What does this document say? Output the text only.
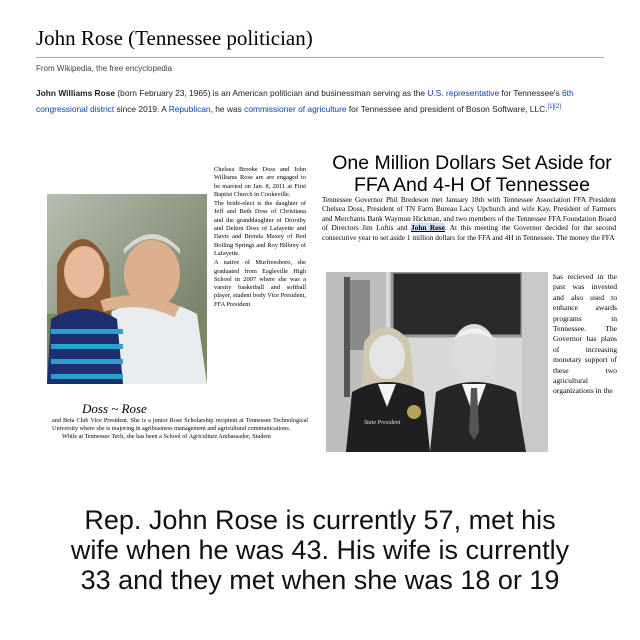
John Rose (Tennessee politician)
From Wikipedia, the free encyclopedia
John Williams Rose (born February 23, 1965) is an American politician and businessman serving as the U.S. representative for Tennessee's 6th congressional district since 2019. A Republican, he was commissioner of agriculture for Tennessee and president of Boson Software, LLC.[1][2]

Chelsea Brooke Doss and John Williams Rose are are engaged to be married on Jan. 8, 2011 at First Baptist Church in Cookeville.

The bride-elect is the daughter of Jeff and Beth Doss of Christiana and the granddaughter of Dorothy and Delton Doss of Lafayette and Davis and Brenda Maxey of Red Boiling Springs and Roy Bilbrey of Lafayette.

A native of Murfreesboro, she graduated from Eagleville High School in 2007 where she was a varsity basketball and softball player, student body Vice President, FFA President

Doss ~ Rose
and Beta Club Vice President. She is a junior Rose Scholarship recipient at Tennessee Technological University where she is majoring in agribusiness management and agricultural communications.
While at Tennessee Tech, she has been a School of Agriculture Ambassador, Student
One Million Dollars Set Aside for
FFA And 4-H Of Tennessee
Tennessee Governor Phil Bredeson met January 18th with Tennessee Association FFA President Chelsea Doss, President of TN Farm Bureau Lacy Upchurch and wife Kay, President of Farmers and Merchants Bank Waymon Hickman, and two members of the Tennessee FFA Foundation Board of Directors Jim Loftis and John Rose. At this meeting the Governor decided for the second consecutive year to set aside 1 million dollars for the FFA and 4H in Tennessee. The money the FFA
State President
has recieved in the past was invested and also used to enhance awards programs in Tennessee. The Governor has plans of increasing monetary support of these two agricultural organizations in the
Rep. John Rose is currently 57, met his
wife when he was 43. His wife is currently
33 and they met when she was 18 or 19
